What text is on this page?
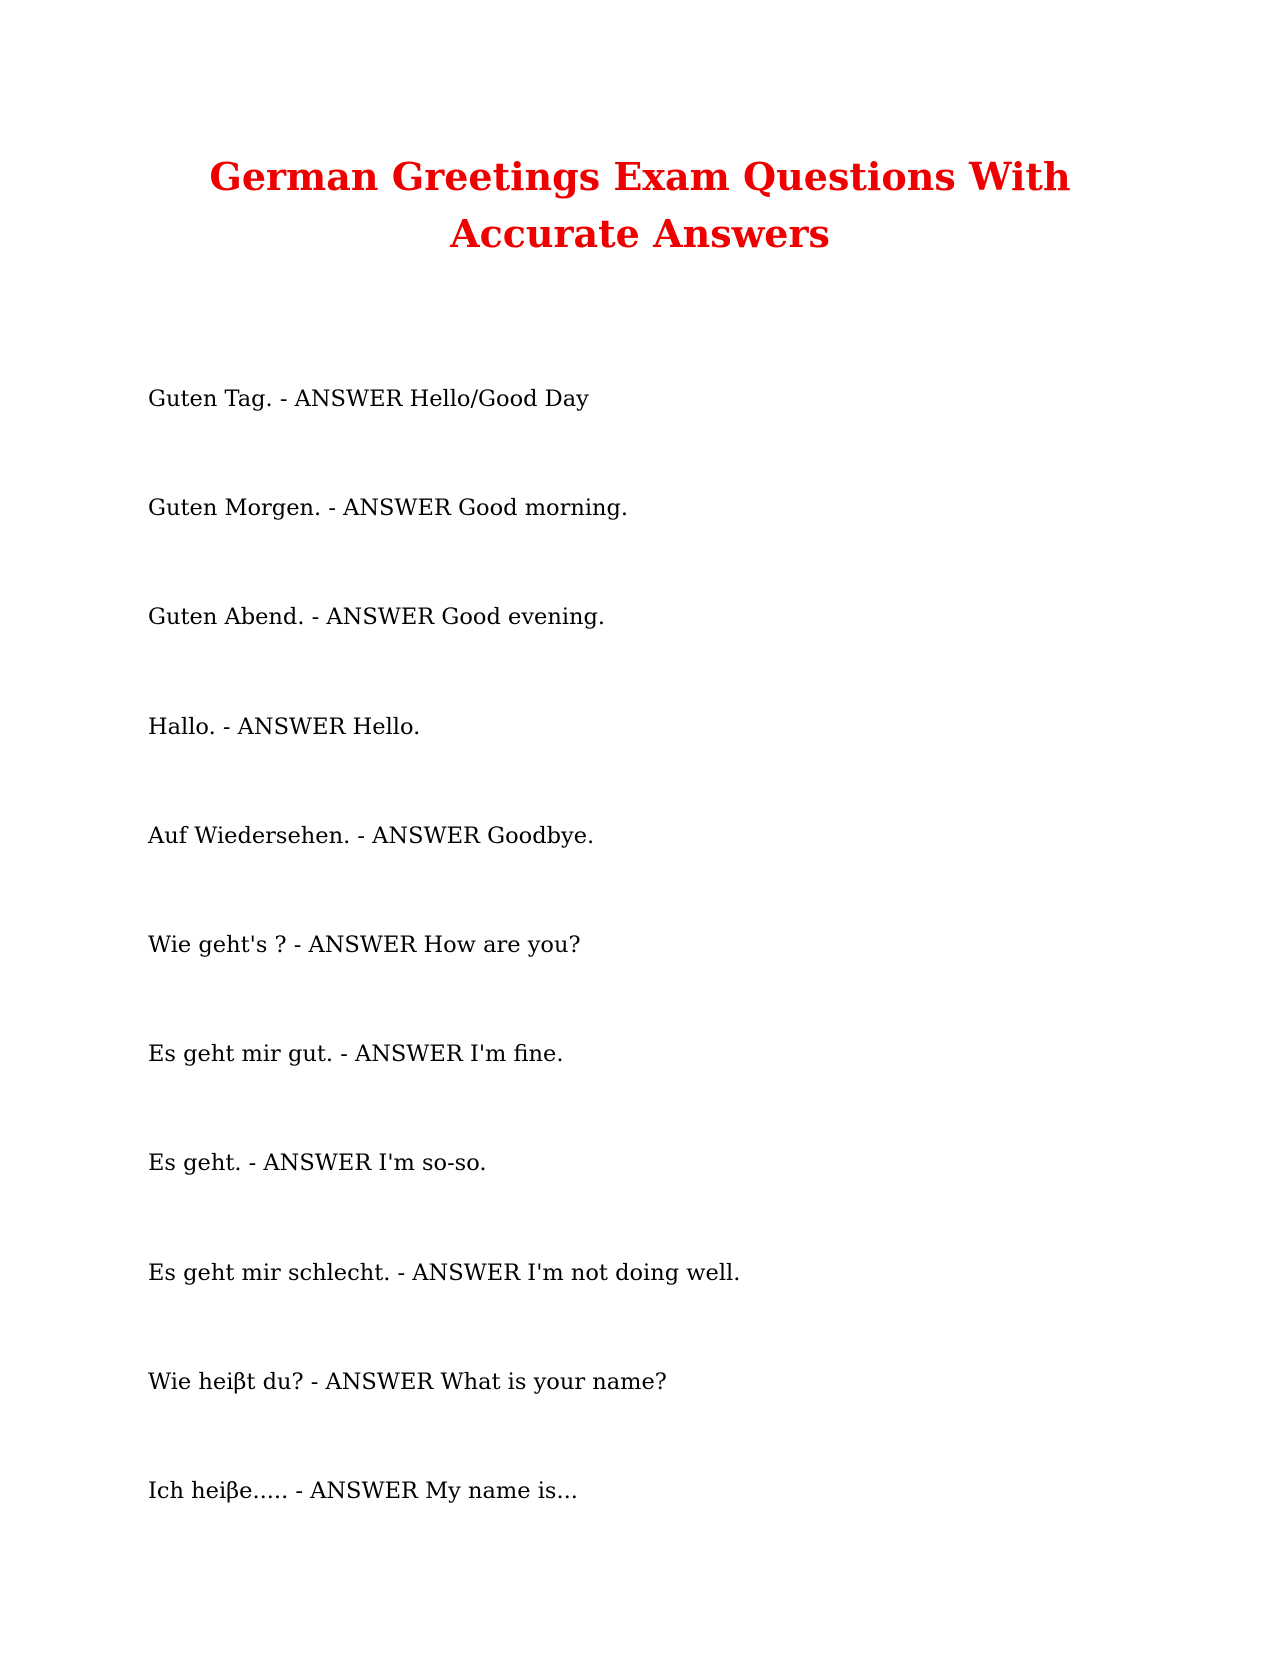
German Greetings Exam Questions With Accurate Answers
Guten Tag. - ANSWER Hello/Good Day
Guten Morgen. - ANSWER Good morning.
Guten Abend. - ANSWER Good evening.
Hallo. - ANSWER Hello.
Auf Wiedersehen. - ANSWER Goodbye.
Wie geht's ? - ANSWER How are you?
Es geht mir gut. - ANSWER I'm fine.
Es geht. - ANSWER I'm so-so.
Es geht mir schlecht. - ANSWER I'm not doing well.
Wie heiβt du? - ANSWER What is your name?
Ich heiβe..... - ANSWER My name is...
